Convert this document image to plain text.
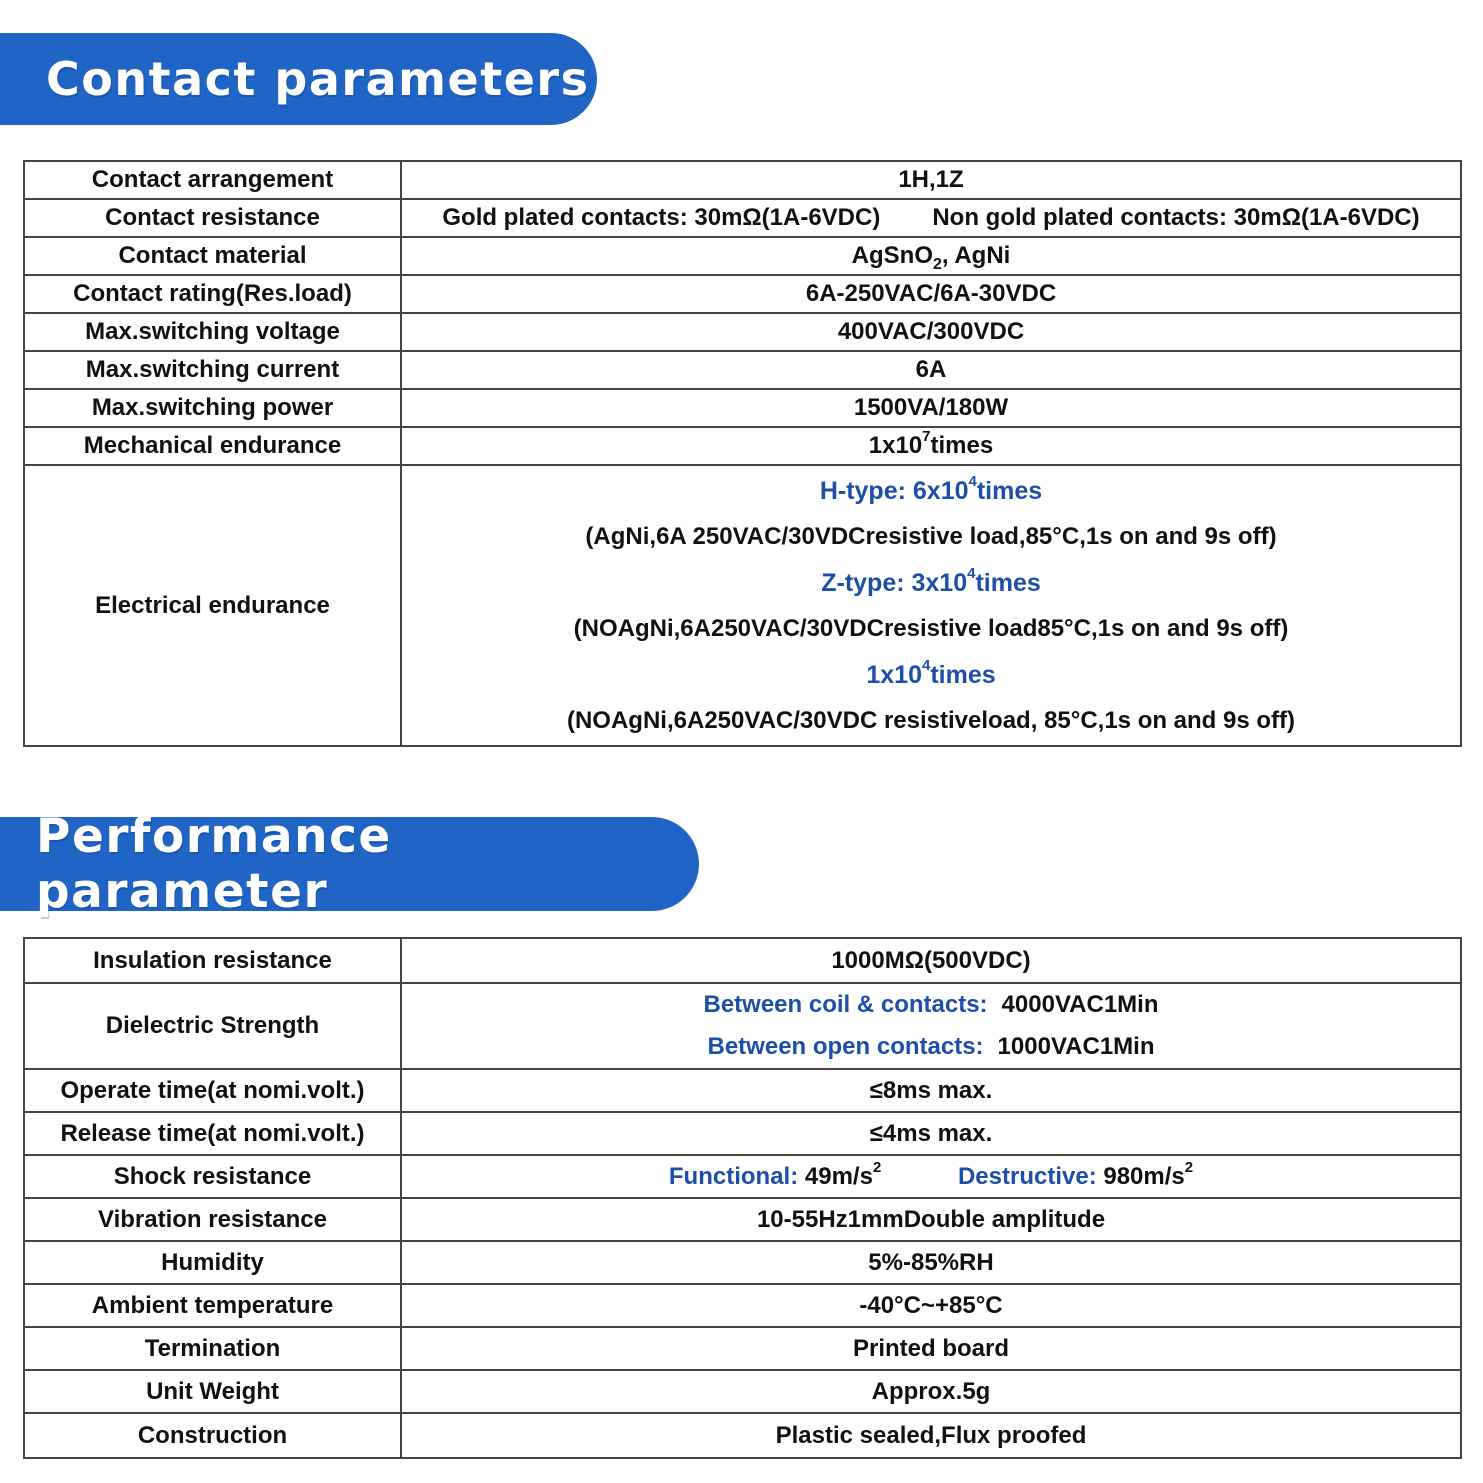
Contact parameters
Contact arrangement	1H,1Z
Contact resistance	Gold plated contacts: 30mΩ(1A-6VDC) Non gold plated contacts: 30mΩ(1A-6VDC)

Contact material	AgSnO$_2$, AgNi
Contact rating(Res.load)	6A-250VAC/6A-30VDC
Max.switching voltage	400VAC/300VDC
Max.switching current	6A
Max.switching power	1500VA/180W
Mechanical endurance	$1x10^7times$
Electrical endurance	
H-type: $6x10^4times$
(AgNi,6A 250VAC/30VDCresistive load,85°C,1s on and 9s off)
Z-type: $3x10^4times$
(NOAgNi,6A250VAC/30VDCresistive load85°C,1s on and 9s off)
$1x10^4times$
(NOAgNi,6A250VAC/30VDC resistiveload, 85°C,1s on and 9s off)
Performance parameter
Insulation resistance	1000MΩ(500VDC)
Dielectric Strength	Between coil & contacts: 4000VAC1Min
Between open contacts: 1000VAC1Min

Operate time(at nomi.volt.)	≤8ms max.
Release time(at nomi.volt.)	≤4ms max.
Shock resistance	Functional: $49m/s^2$ Destructive: $980m/s^2$
Vibration resistance	10-55Hz1mmDouble amplitude
Humidity	5%-85%RH
Ambient temperature	-40°C~+85°C
Termination	Printed board
Unit Weight	Approx.5g
Construction	Plastic sealed,Flux proofed
